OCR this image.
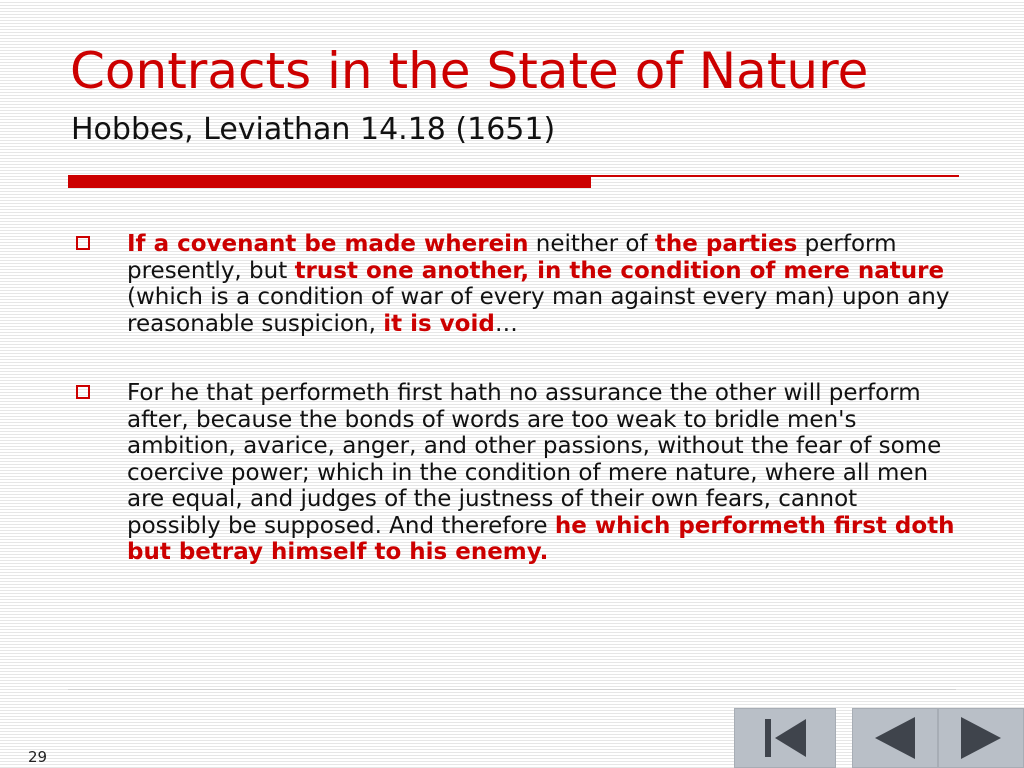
Contracts in the State of Nature
Hobbes, Leviathan 14.18 (1651)
If a covenant be made wherein neither of the parties perform presently, but trust one another, in the condition of mere nature (which is a condition of war of every man against every man) upon any reasonable suspicion, it is void…
For he that performeth first hath no assurance the other will perform after, because the bonds of words are too weak to bridle men's ambition, avarice, anger, and other passions, without the fear of some coercive power; which in the condition of mere nature, where all men are equal, and judges of the justness of their own fears, cannot possibly be supposed. And therefore he which performeth first doth but betray himself to his enemy.
29
